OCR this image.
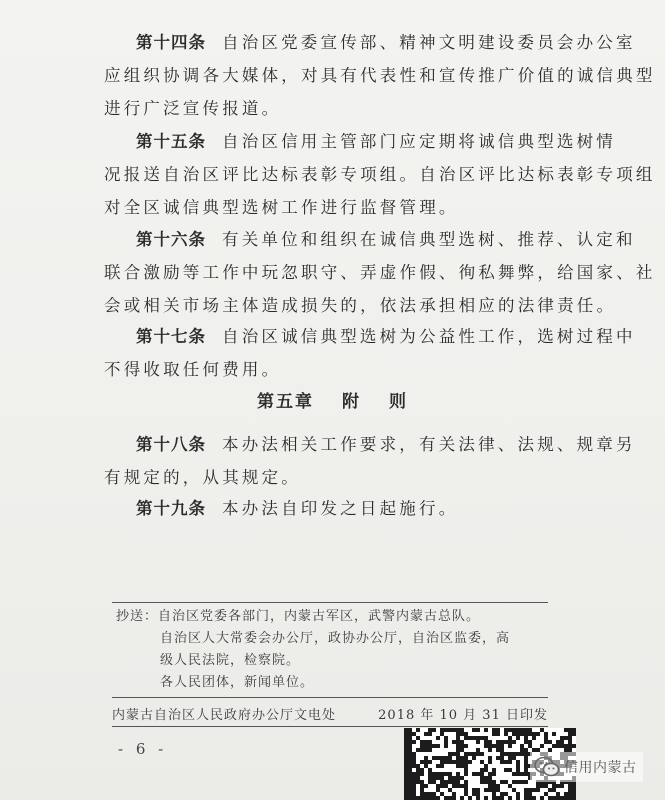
第十四条 自治区党委宣传部、精神文明建设委员会办公室
应组织协调各大媒体，对具有代表性和宣传推广价值的诚信典型
进行广泛宣传报道。
第十五条 自治区信用主管部门应定期将诚信典型选树情
况报送自治区评比达标表彰专项组。自治区评比达标表彰专项组
对全区诚信典型选树工作进行监督管理。
第十六条 有关单位和组织在诚信典型选树、推荐、认定和
联合激励等工作中玩忽职守、弄虚作假、徇私舞弊，给国家、社
会或相关市场主体造成损失的，依法承担相应的法律责任。
第十七条 自治区诚信典型选树为公益性工作，选树过程中
不得收取任何费用。
第五章 附 则
第十八条 本办法相关工作要求，有关法律、法规、规章另
有规定的，从其规定。
第十九条 本办法自印发之日起施行。
抄送：自治区党委各部门，内蒙古军区，武警内蒙古总队。
自治区人大常委会办公厅，政协办公厅，自治区监委，高
级人民法院，检察院。
各人民团体，新闻单位。
内蒙古自治区人民政府办公厅文电处	2018 年 10 月 31 日印发
- 6 -
信用内蒙古
